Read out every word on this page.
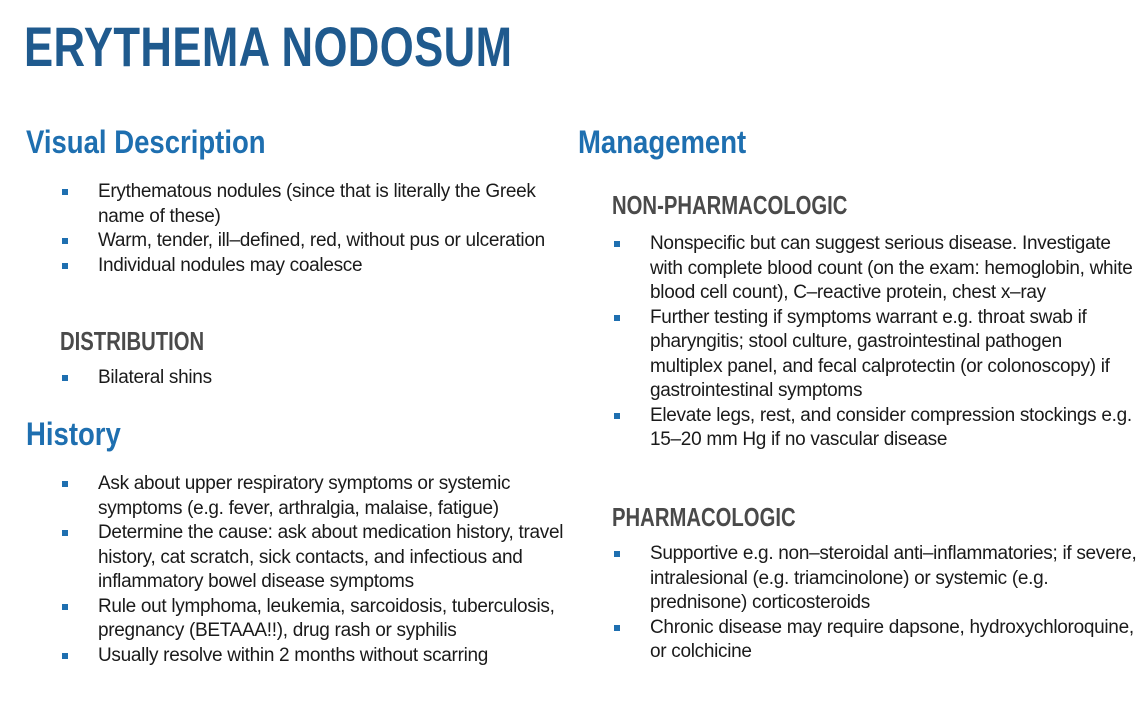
ERYTHEMA NODOSUM
Visual Description
Erythematous nodules (since that is literally the Greek name of these)
Warm, tender, ill–defined, red, without pus or ulceration
Individual nodules may coalesce
DISTRIBUTION
Bilateral shins
History
Ask about upper respiratory symptoms or systemic symptoms (e.g. fever, arthralgia, malaise, fatigue)
Determine the cause: ask about medication history, travel history, cat scratch, sick contacts, and infectious and inflammatory bowel disease symptoms
Rule out lymphoma, leukemia, sarcoidosis, tuberculosis, pregnancy (BETAAA!!), drug rash or syphilis
Usually resolve within 2 months without scarring
Management
NON-PHARMACOLOGIC
Nonspecific but can suggest serious disease. Investigate with complete blood count (on the exam: hemoglobin, white blood cell count), C–reactive protein, chest x–ray
Further testing if symptoms warrant e.g. throat swab if pharyngitis; stool culture, gastrointestinal pathogen multiplex panel, and fecal calprotectin (or colonoscopy) if gastrointestinal symptoms
Elevate legs, rest, and consider compression stockings e.g. 15–20 mm Hg if no vascular disease
PHARMACOLOGIC
Supportive e.g. non–steroidal anti–inflammatories; if severe, intralesional (e.g. triamcinolone) or systemic (e.g. prednisone) corticosteroids
Chronic disease may require dapsone, hydroxychloroquine, or colchicine
